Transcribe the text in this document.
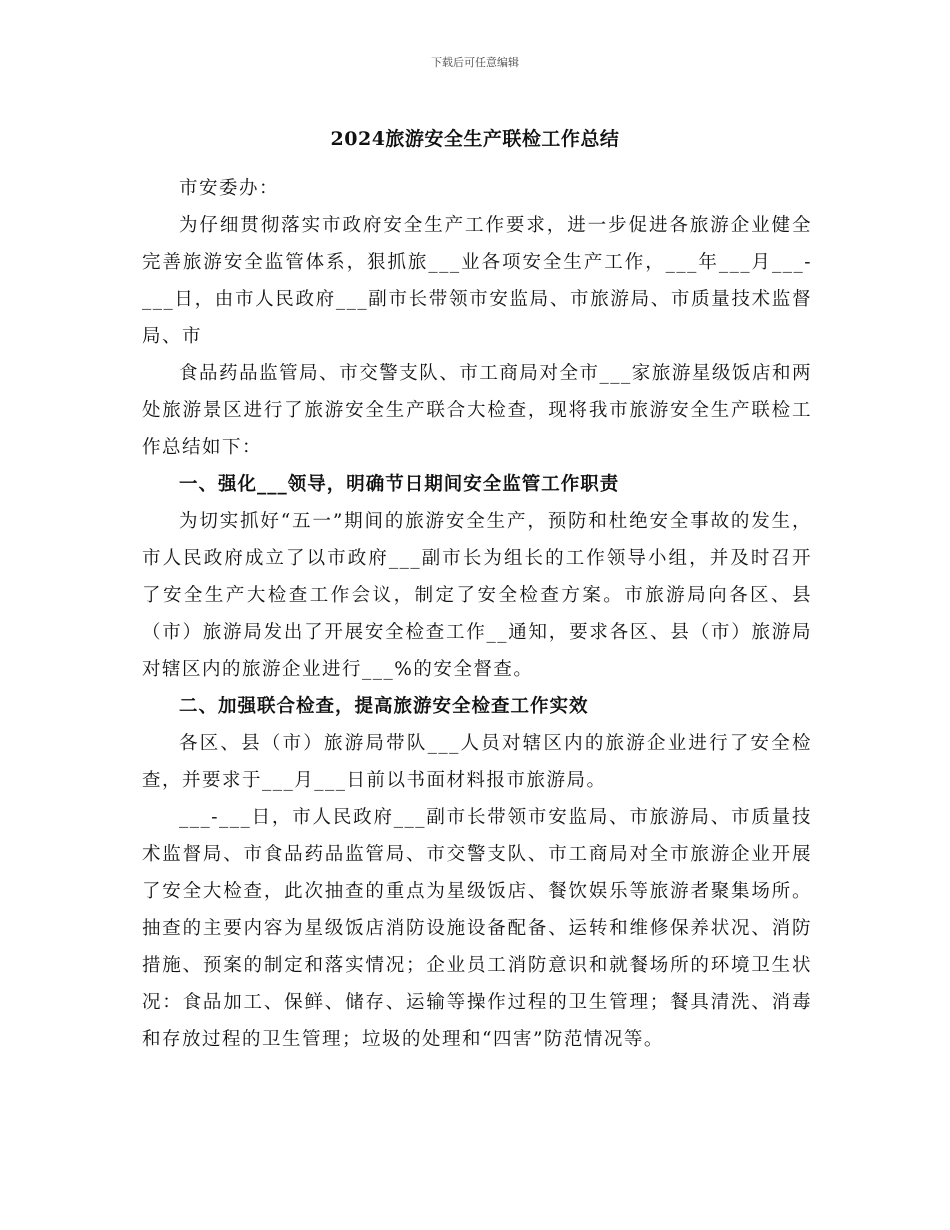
下载后可任意编辑
2024旅游安全生产联检工作总结

市安委办：

为仔细贯彻落实市政府安全生产工作要求，进一步促进各旅游企业健全完善旅游安全监管体系，狠抓旅___业各项安全生产工作，___年___月___-___日，由市人民政府___副市长带领市安监局、市旅游局、市质量技术监督局、市

食品药品监管局、市交警支队、市工商局对全市___家旅游星级饭店和两处旅游景区进行了旅游安全生产联合大检查，现将我市旅游安全生产联检工作总结如下：

一、强化___领导，明确节日期间安全监管工作职责

为切实抓好“五一”期间的旅游安全生产，预防和杜绝安全事故的发生，市人民政府成立了以市政府___副市长为组长的工作领导小组，并及时召开了安全生产大检查工作会议，制定了安全检查方案。市旅游局向各区、县（市）旅游局发出了开展安全检查工作__通知，要求各区、县（市）旅游局对辖区内的旅游企业进行___%的安全督查。

二、加强联合检查，提高旅游安全检查工作实效

各区、县（市）旅游局带队___人员对辖区内的旅游企业进行了安全检查，并要求于___月___日前以书面材料报市旅游局。

___-___日，市人民政府___副市长带领市安监局、市旅游局、市质量技术监督局、市食品药品监管局、市交警支队、市工商局对全市旅游企业开展了安全大检查，此次抽查的重点为星级饭店、餐饮娱乐等旅游者聚集场所。抽查的主要内容为星级饭店消防设施设备配备、运转和维修保养状况、消防措施、预案的制定和落实情况；企业员工消防意识和就餐场所的环境卫生状况：食品加工、保鲜、储存、运输等操作过程的卫生管理；餐具清洗、消毒和存放过程的卫生管理；垃圾的处理和“四害”防范情况等。
